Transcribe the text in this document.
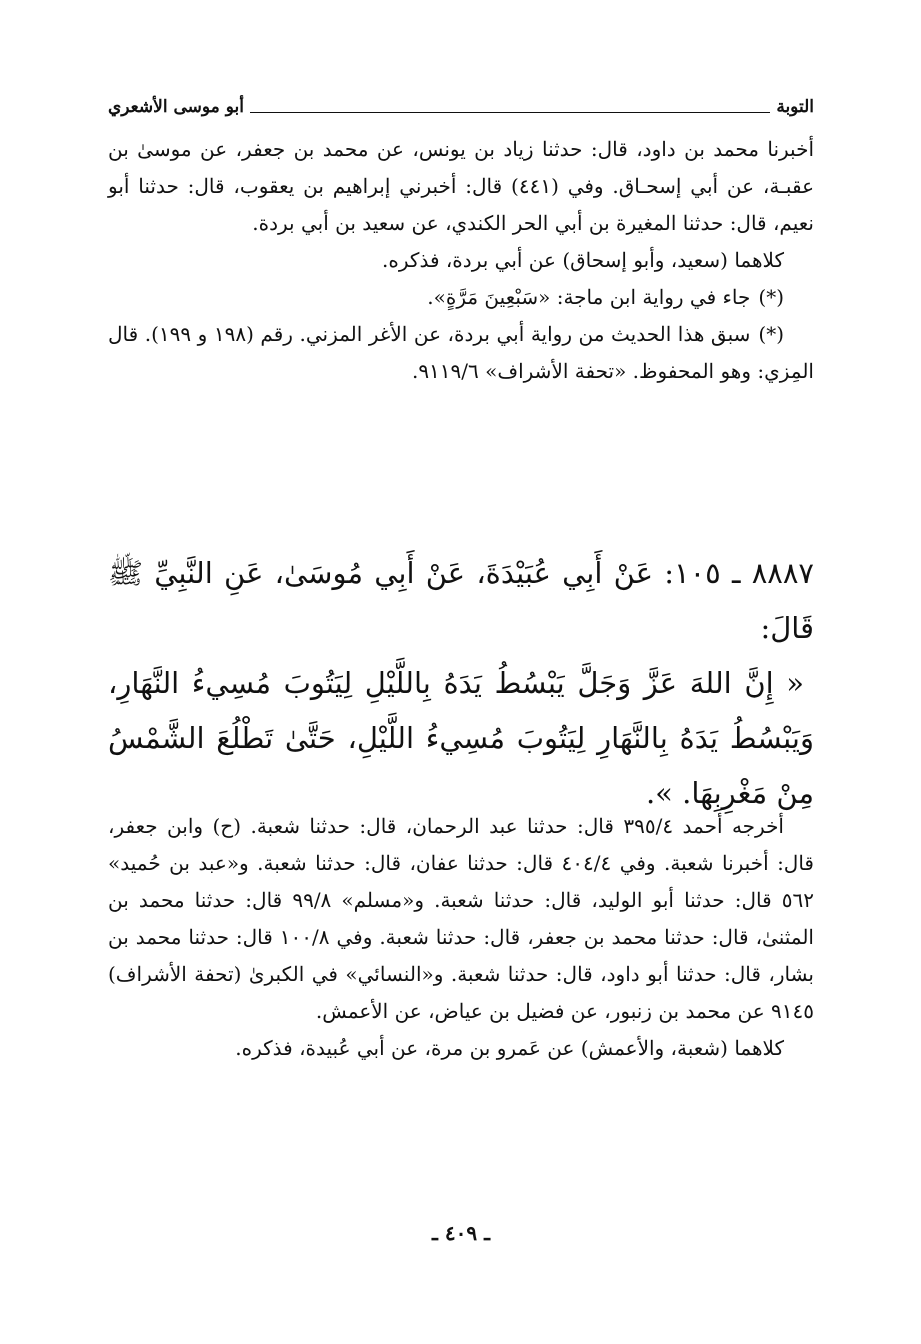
التوبة
أبو موسى الأشعري

أخبرنا محمد بن داود، قال: حدثنا زياد بن يونس، عن محمد بن جعفر، عن موسىٰ بن عقبـة، عن أبي إسحـاق. وفي (٤٤١) قال: أخبرني إبراهيم بن يعقوب، قال: حدثنا أبو نعيم، قال: حدثنا المغيرة بن أبي الحر الكندي، عن سعيد بن أبي بردة.

كلاهما (سعيد، وأبو إسحاق) عن أبي بردة، فذكره.

(*)جاء في رواية ابن ماجة: «سَبْعِينَ مَرَّةٍ».

(*)سبق هذا الحديث من رواية أبي بردة، عن الأغر المزني. رقم (١٩٨ و ١٩٩). قال المِزي: وهو المحفوظ. «تحفة الأشراف» ٩١١٩/٦.

٨٨٨٧ ـ ١٠٥: عَنْ أَبِي عُبَيْدَةَ، عَنْ أَبِي مُوسَىٰ، عَنِ النَّبِيِّ ﷺ قَالَ:

« إِنَّ اللهَ عَزَّ وَجَلَّ يَبْسُطُ يَدَهُ بِاللَّيْلِ لِيَتُوبَ مُسِيءُ النَّهَارِ، وَيَبْسُطُ يَدَهُ بِالنَّهَارِ لِيَتُوبَ مُسِيءُ اللَّيْلِ، حَتَّىٰ تَطْلُعَ الشَّمْسُ مِنْ مَغْرِبِهَا. ».

أخرجه أحمد ٣٩٥/٤ قال: حدثنا عبد الرحمان، قال: حدثنا شعبة. (ح) وابن جعفر، قال: أخبرنا شعبة. وفي ٤٠٤/٤ قال: حدثنا عفان، قال: حدثنا شعبة. و«عبد بن حُميد» ٥٦٢ قال: حدثنا أبو الوليد، قال: حدثنا شعبة. و«مسلم» ٩٩/٨ قال: حدثنا محمد بن المثنىٰ، قال: حدثنا محمد بن جعفر، قال: حدثنا شعبة. وفي ١٠٠/٨ قال: حدثنا محمد بن بشار، قال: حدثنا أبو داود، قال: حدثنا شعبة. و«النسائي» في الكبرىٰ (تحفة الأشراف) ٩١٤٥ عن محمد بن زنبور، عن فضيل بن عياض، عن الأعمش.

كلاهما (شعبة، والأعمش) عن عَمرو بن مرة، عن أبي عُبيدة، فذكره.

ـ ٤٠٩ ـ
